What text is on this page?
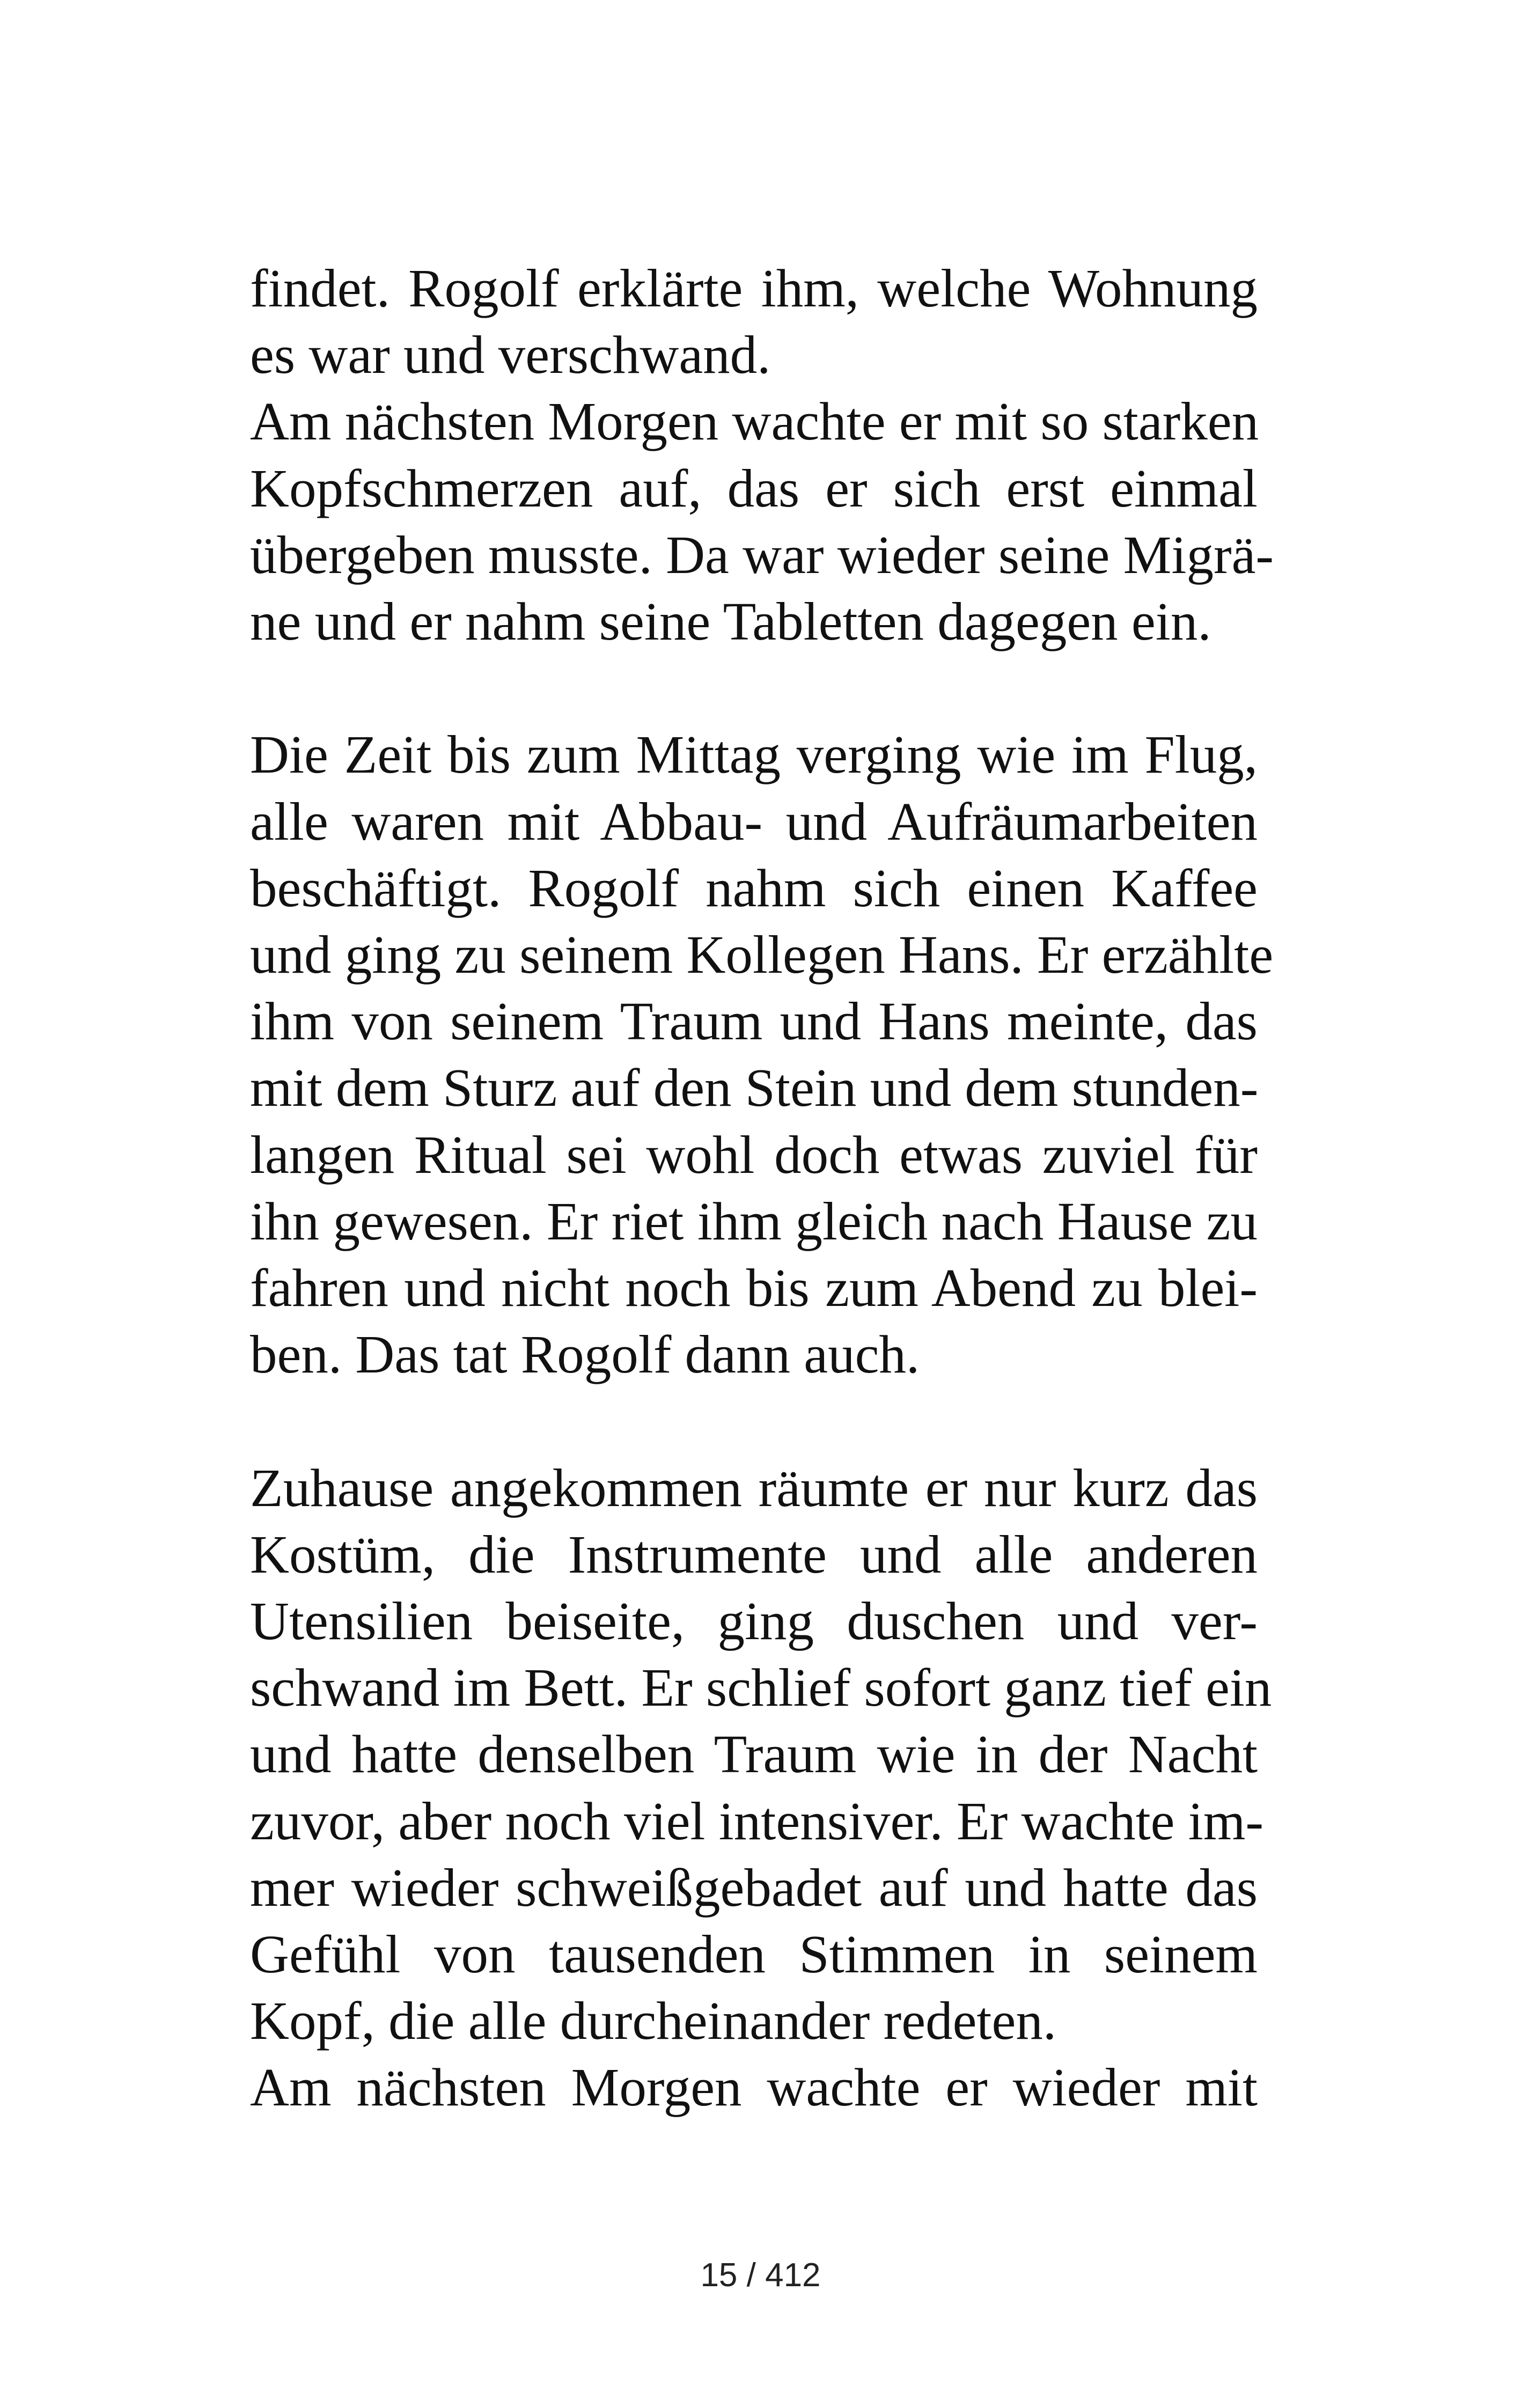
findet. Rogolf erklärte ihm, welche Wohnung
es war und verschwand.

Am nächsten Morgen wachte er mit so starken
Kopfschmerzen auf, das er sich erst einmal
übergeben musste. Da war wieder seine Migrä-
ne und er nahm seine Tabletten dagegen ein.

Die Zeit bis zum Mittag verging wie im Flug,
alle waren mit Abbau- und Aufräumarbeiten
beschäftigt. Rogolf nahm sich einen Kaffee
und ging zu seinem Kollegen Hans. Er erzählte
ihm von seinem Traum und Hans meinte, das
mit dem Sturz auf den Stein und dem stunden-
langen Ritual sei wohl doch etwas zuviel für
ihn gewesen. Er riet ihm gleich nach Hause zu
fahren und nicht noch bis zum Abend zu blei-
ben. Das tat Rogolf dann auch.

Zuhause angekommen räumte er nur kurz das
Kostüm, die Instrumente und alle anderen
Utensilien beiseite, ging duschen und ver-
schwand im Bett. Er schlief sofort ganz tief ein
und hatte denselben Traum wie in der Nacht
zuvor, aber noch viel intensiver. Er wachte im-
mer wieder schweißgebadet auf und hatte das
Gefühl von tausenden Stimmen in seinem
Kopf, die alle durcheinander redeten.

Am nächsten Morgen wachte er wieder mit

15 / 412
